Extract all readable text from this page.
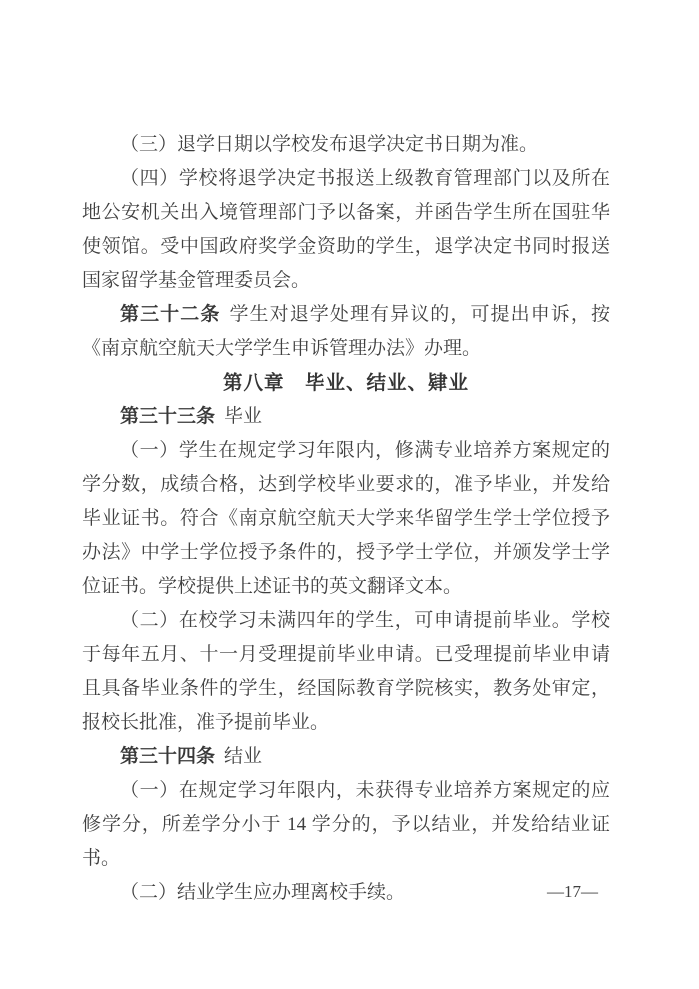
（三）退学日期以学校发布退学决定书日期为准。

（四）学校将退学决定书报送上级教育管理部门以及所在地公安机关出入境管理部门予以备案，并函告学生所在国驻华使领馆。受中国政府奖学金资助的学生，退学决定书同时报送国家留学基金管理委员会。

第三十二条 学生对退学处理有异议的，可提出申诉，按《南京航空航天大学学生申诉管理办法》办理。

第八章　毕业、结业、肄业

第三十三条 毕业

（一）学生在规定学习年限内，修满专业培养方案规定的学分数，成绩合格，达到学校毕业要求的，准予毕业，并发给毕业证书。符合《南京航空航天大学来华留学生学士学位授予办法》中学士学位授予条件的，授予学士学位，并颁发学士学位证书。学校提供上述证书的英文翻译文本。

（二）在校学习未满四年的学生，可申请提前毕业。学校于每年五月、十一月受理提前毕业申请。已受理提前毕业申请且具备毕业条件的学生，经国际教育学院核实，教务处审定，报校长批准，准予提前毕业。

第三十四条 结业

（一）在规定学习年限内，未获得专业培养方案规定的应修学分，所差学分小于 14 学分的，予以结业，并发给结业证书。

（二）结业学生应办理离校手续。	—17—
